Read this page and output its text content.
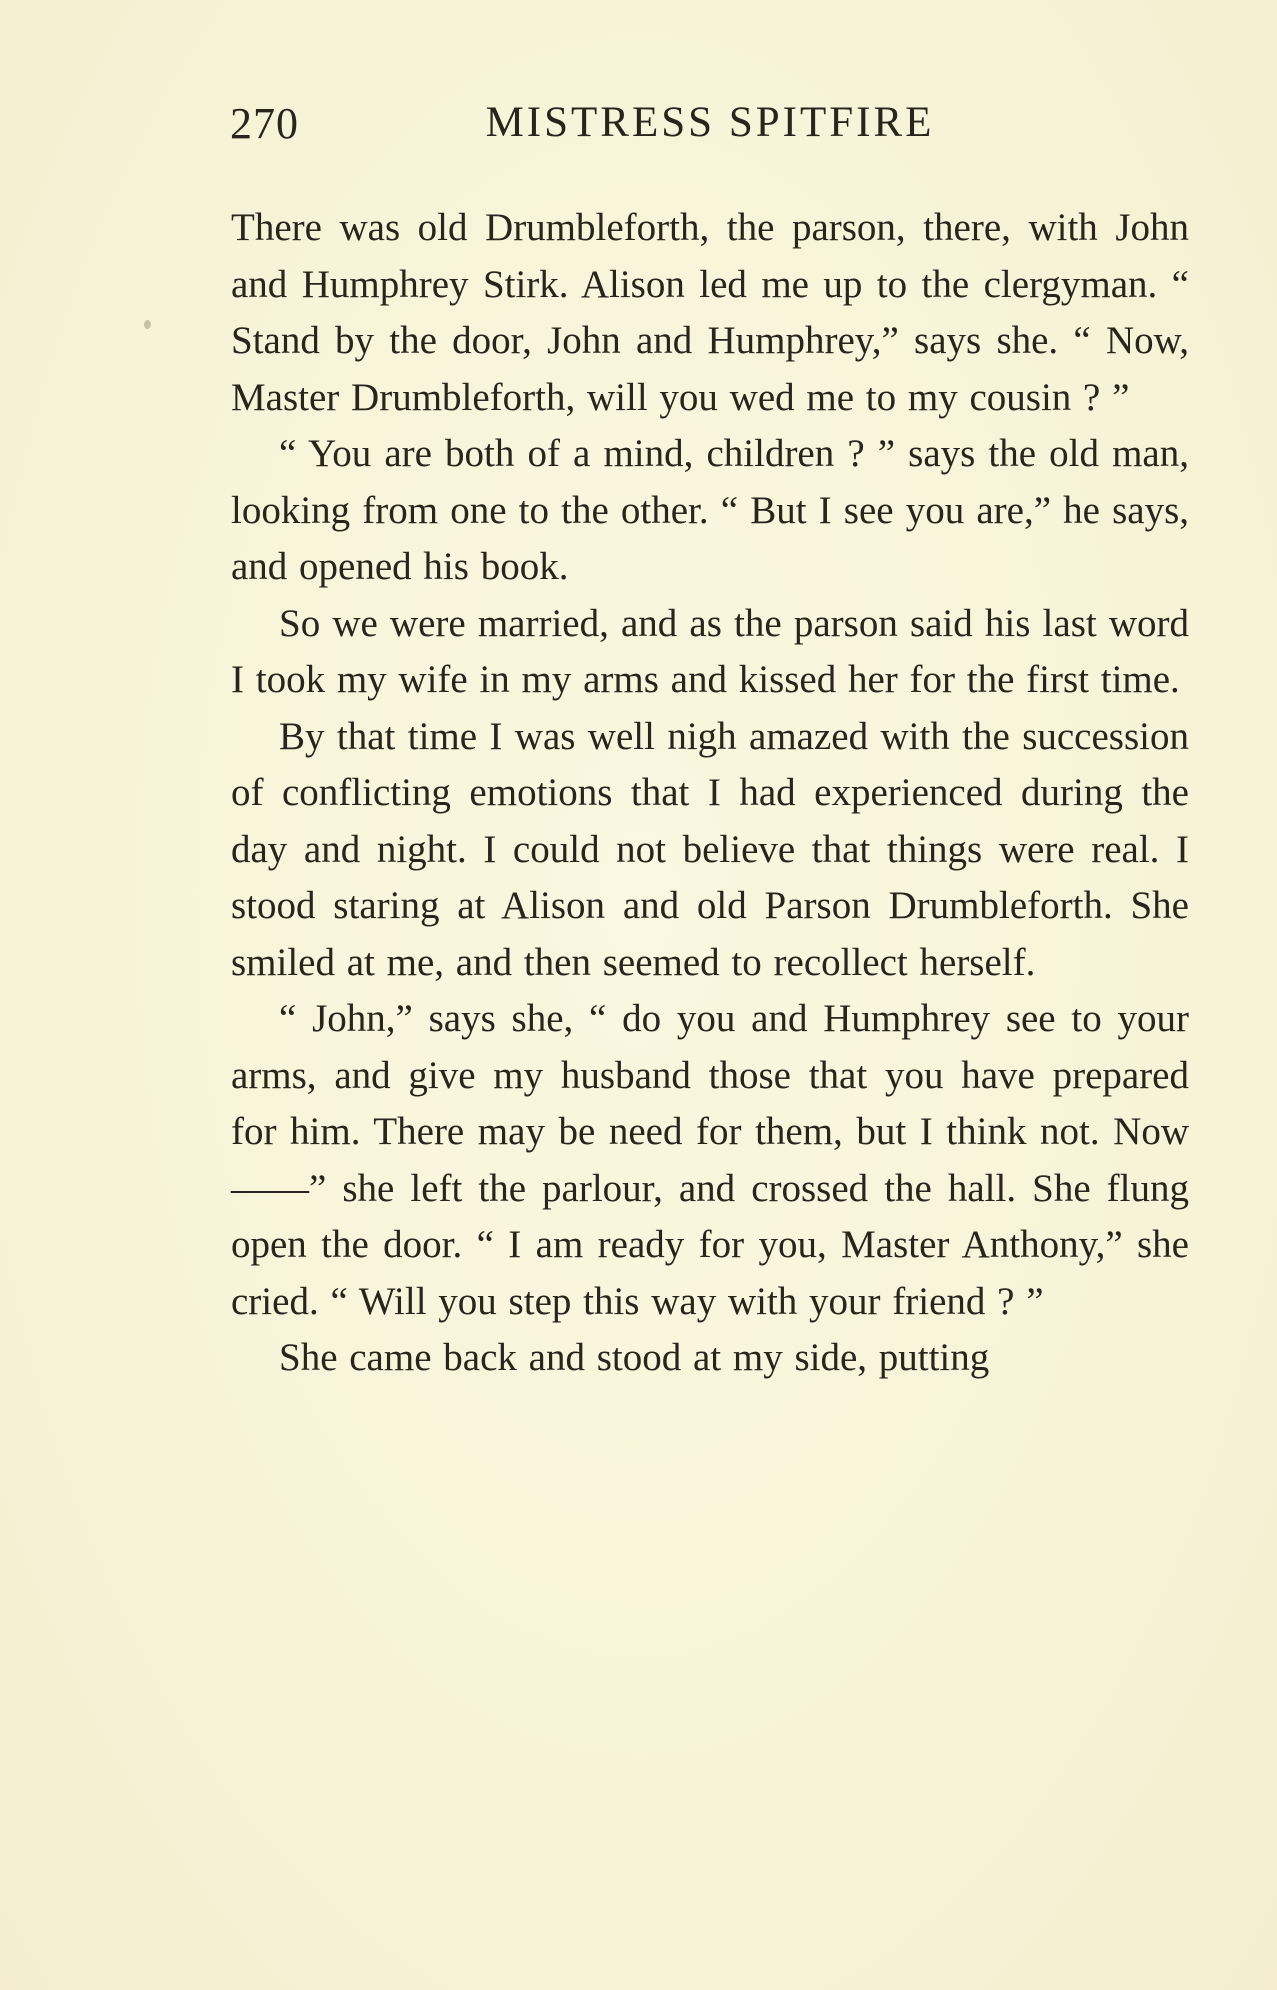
MISTRESS SPITFIRE
270

There was old Drumbleforth, the parson, there, with John and Humphrey Stirk. Alison led me up to the clergyman. “ Stand by the door, John and Humphrey,” says she. “ Now, Master Drumbleforth, will you wed me to my cousin ? ”

“ You are both of a mind, children ? ” says the old man, looking from one to the other. “ But I see you are,” he says, and opened his book.

So we were married, and as the parson said his last word I took my wife in my arms and kissed her for the first time.

By that time I was well nigh amazed with the succession of conflicting emotions that I had experienced during the day and night. I could not believe that things were real. I stood staring at Alison and old Parson Drumbleforth. She smiled at me, and then seemed to recollect herself.

“ John,” says she, “ do you and Humphrey see to your arms, and give my husband those that you have prepared for him. There may be need for them, but I think not. Now——” she left the parlour, and crossed the hall. She flung open the door. “ I am ready for you, Master Anthony,” she cried. “ Will you step this way with your friend ? ”

She came back and stood at my side, putting
